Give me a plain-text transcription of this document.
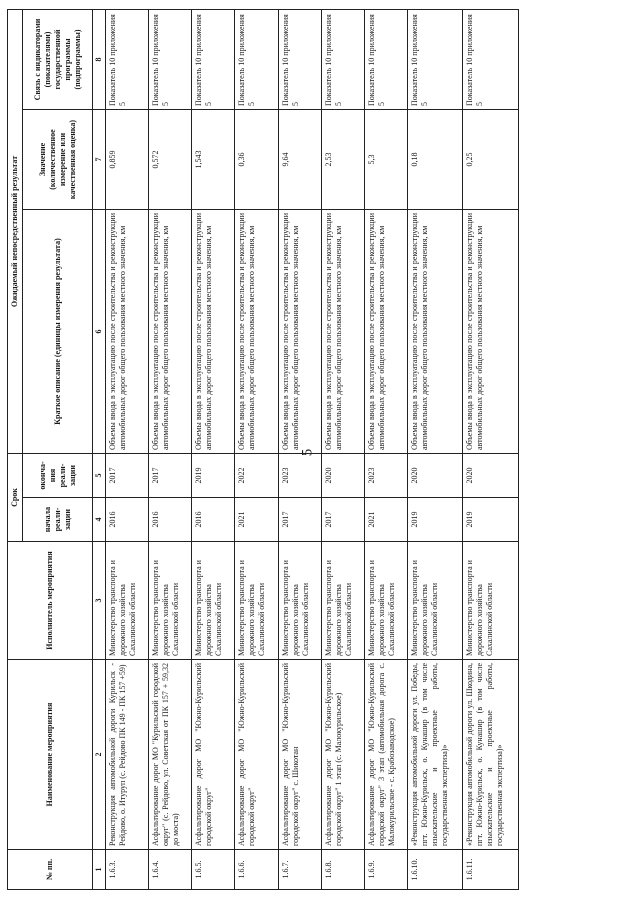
5
№ пп.	Наименование мероприятия	Исполнитель мероприятия	Срок		Ожидаемый непосредственный результат		
			начала реали-зации	оконча-ния реали-зации	Краткое описание (единицы измерения результата)	Значение (количественное измерение или качественная оценка)	Связь с индикаторами (показателями) государственной программы (подпрограммы)

1	2	3	4	5	6	7	8
1.6.3.	Реконструкция автомобильной дороги Курильск - Рейдово, о. Итуруп (с. Рейдово ПК 149 - ПК 157 +59)	Министерство транспорта и дорожного хозяйства Сахалинской области	2016	2017	Объемы ввода в эксплуатацию после строительства и реконструкции автомобильных дорог общего пользования местного значения, км	0,859	Показатель 10 приложения 5
1.6.4.	Асфальтирование дорог МО "Курильский городской округ" (с. Рейдово, ул. Советская от ПК 157 + 59,32 до моста)	Министерство транспорта и дорожного хозяйства Сахалинской области	2016	2017	Объемы ввода в эксплуатацию после строительства и реконструкции автомобильных дорог общего пользования местного значения, км	0,572	Показатель 10 приложения 5
1.6.5.	Асфальтирование дорог МО "Южно-Курильский городской округ"	Министерство транспорта и дорожного хозяйства Сахалинской области	2016	2019	Объемы ввода в эксплуатацию после строительства и реконструкции автомобильных дорог общего пользования местного значения, км	1,543	Показатель 10 приложения 5
1.6.6.	Асфальтирование дорог МО "Южно-Курильский городской округ"	Министерство транспорта и дорожного хозяйства Сахалинской области	2021	2022	Объемы ввода в эксплуатацию после строительства и реконструкции автомобильных дорог общего пользования местного значения, км	0,36	Показатель 10 приложения 5
1.6.7.	Асфальтирование дорог МО "Южно-Курильский городской округ" с. Шикотан	Министерство транспорта и дорожного хозяйства Сахалинской области	2017	2023	Объемы ввода в эксплуатацию после строительства и реконструкции автомобильных дорог общего пользования местного значения, км	9,64	Показатель 10 приложения 5
1.6.8.	Асфальтирование дорог МО "Южно-Курильский городской округ" 1 этап (с. Малокурильское)	Министерство транспорта и дорожного хозяйства Сахалинской области	2017	2020	Объемы ввода в эксплуатацию после строительства и реконструкции автомобильных дорог общего пользования местного значения, км	2,53	Показатель 10 приложения 5
1.6.9.	Асфальтирование дорог МО "Южно-Курильский городской округ" 3 этап (автомобильная дорога с. Малокурильское - с. Крабозаводское)	Министерство транспорта и дорожного хозяйства Сахалинской области	2021	2023	Объемы ввода в эксплуатацию после строительства и реконструкции автомобильных дорог общего пользования местного значения, км	5,3	Показатель 10 приложения 5
1.6.10.	«Реконструкция автомобильной дороги ул. Победы, пгт. Южно-Курильск, о. Кунашир (в том числе изыскательские и проектные работы, государственная экспертиза)»	Министерство транспорта и дорожного хозяйства Сахалинской области	2019	2020	Объемы ввода в эксплуатацию после строительства и реконструкции автомобильных дорог общего пользования местного значения, км	0,18	Показатель 10 приложения 5
1.6.11.	«Реконструкция автомобильной дороги ул. Шкодина, пгт. Южно-Курильск, о. Кунашир (в том числе изыскательские и проектные работы, государственная экспертиза)»	Министерство транспорта и дорожного хозяйства Сахалинской области	2019	2020	Объемы ввода в эксплуатацию после строительства и реконструкции автомобильных дорог общего пользования местного значения, км	0,25	Показатель 10 приложения 5
